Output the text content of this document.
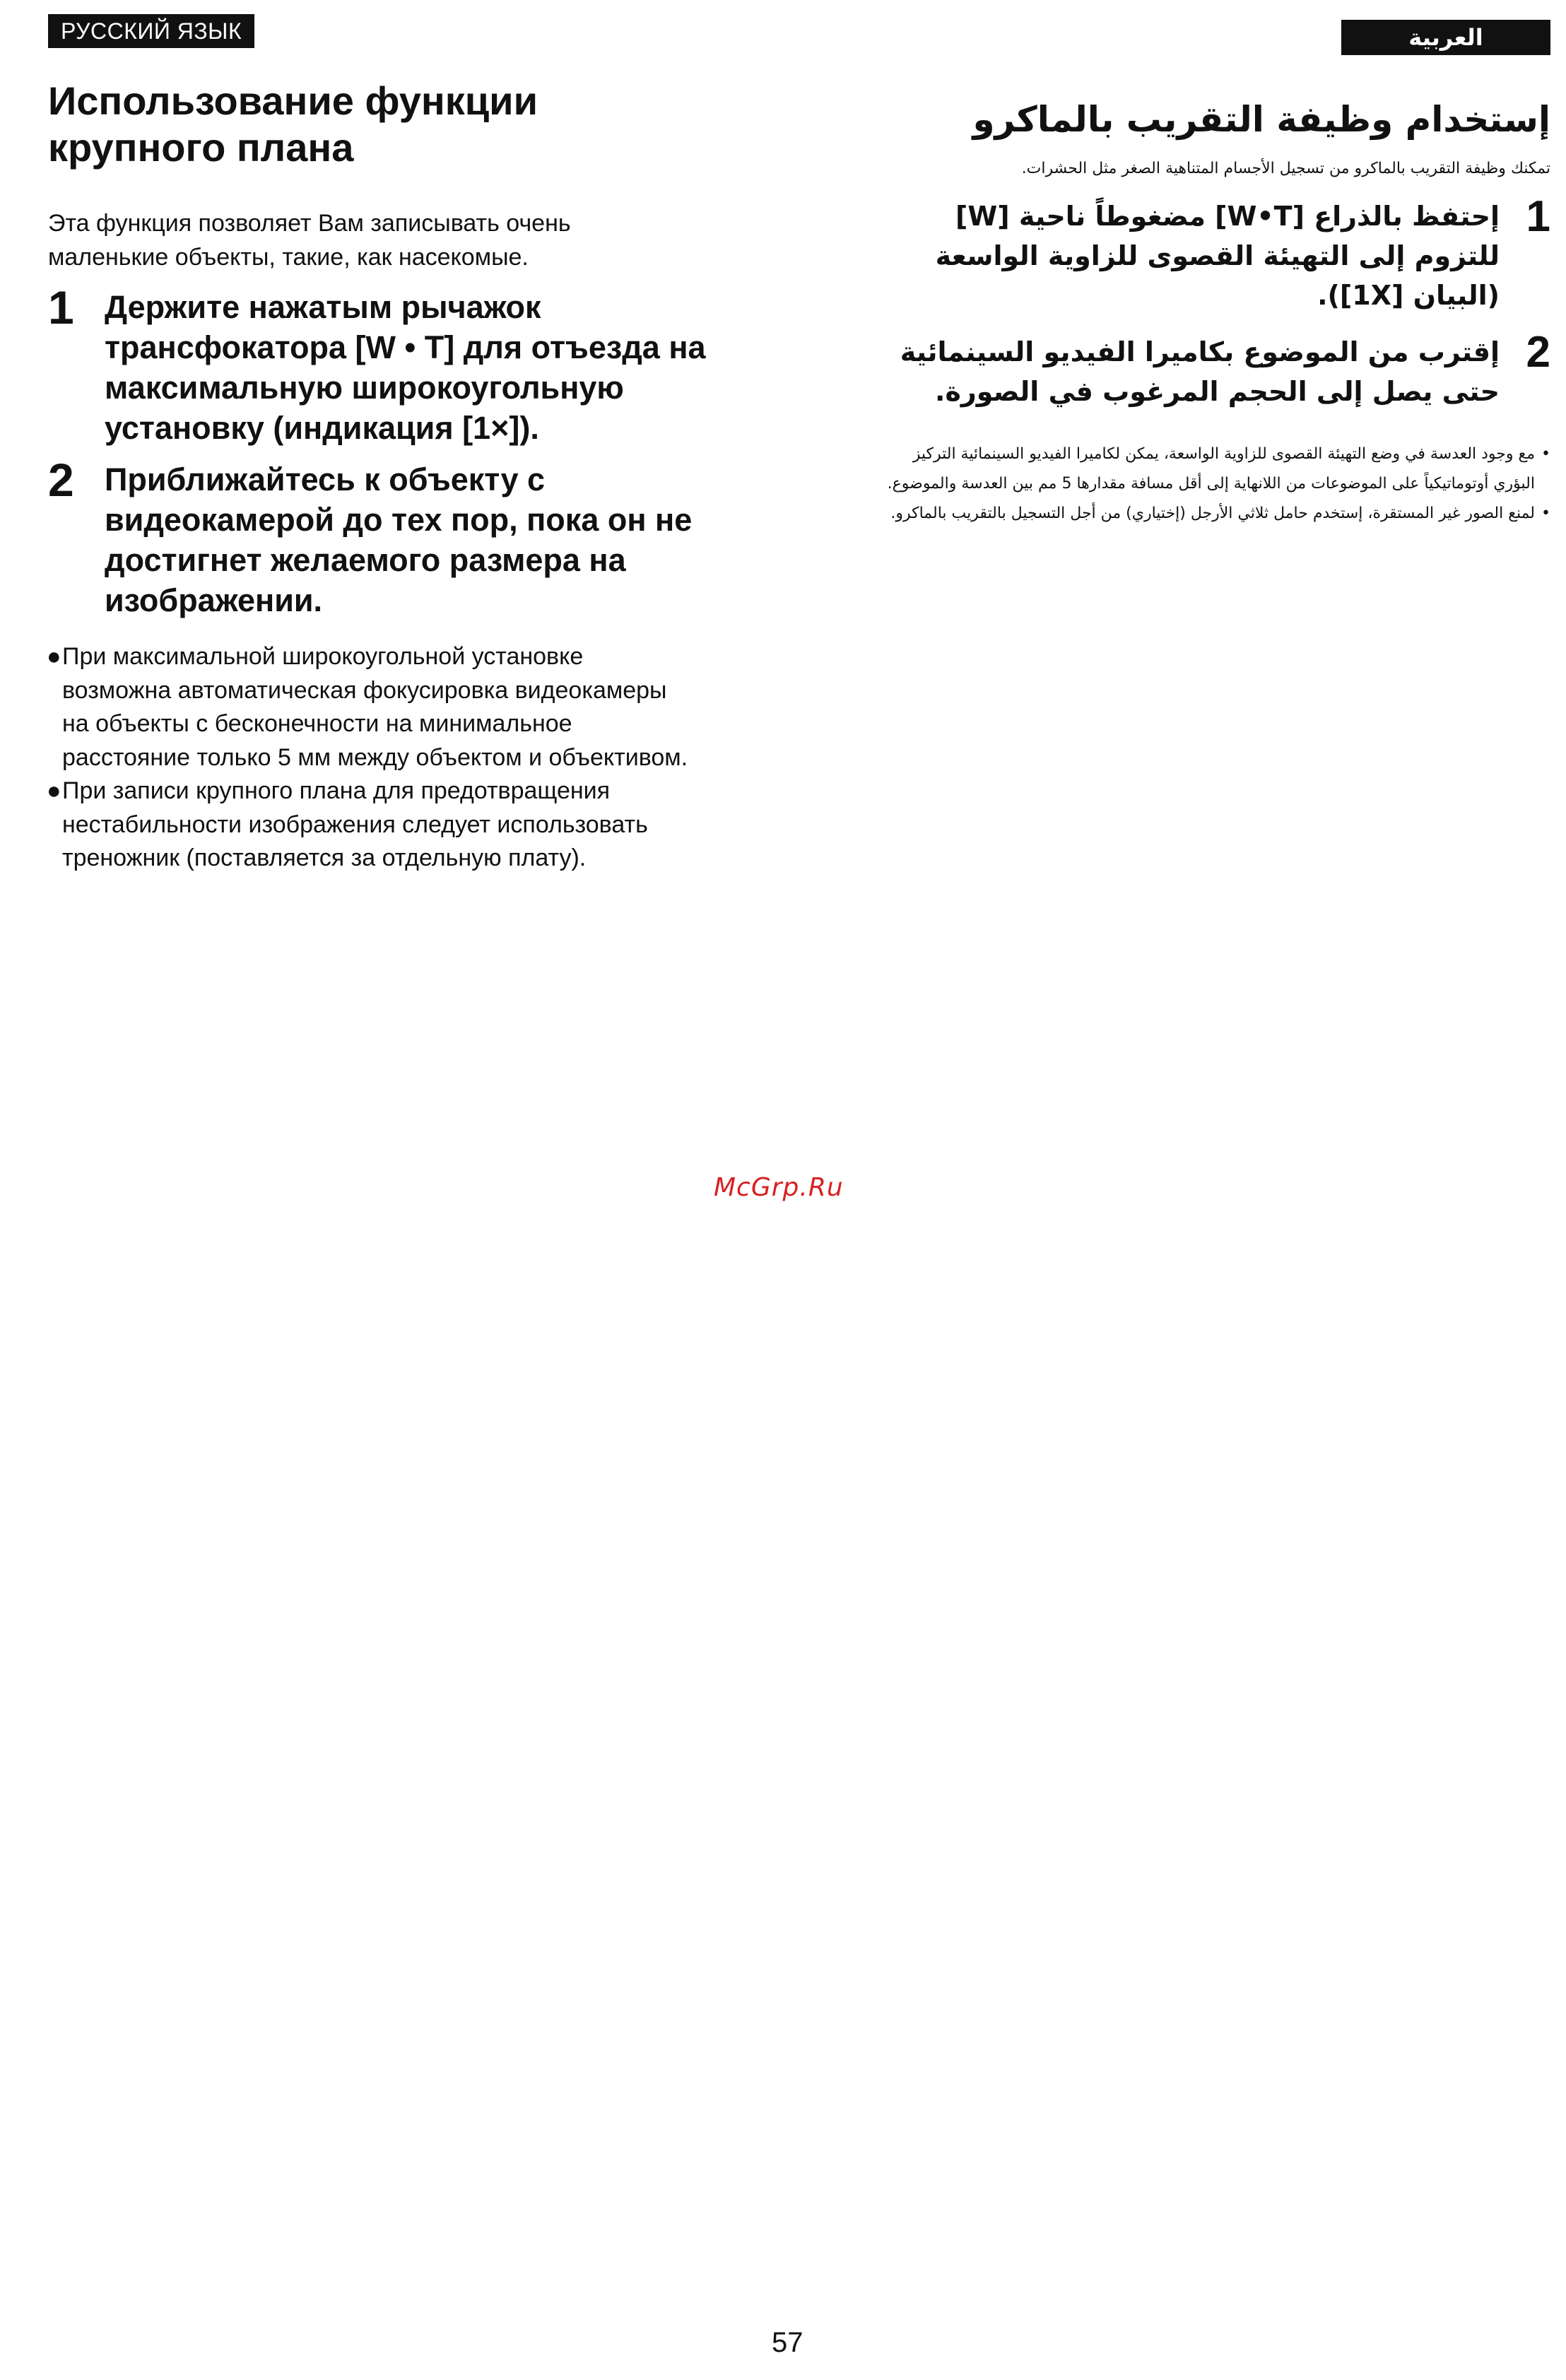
РУССКИЙ ЯЗЫК
Использование функции
крупного плана

Эта функция позволяет Вам записывать очень маленькие объекты, такие, как насекомые.

1 Держите нажатым рычажок трансфокатора [W • T] для отъезда на максимальную широкоугольную установку (индикация [1×]).
2 Приближайтесь к объекту с видеокамерой до тех пор, пока он не достигнет желаемого размера на изображении.
● При максимальной широкоугольной установке возможна автоматическая фокусировка видеокамеры на объекты с бесконечности на минимальное расстояние только 5 мм между объектом и объективом.
● При записи крупного плана для предотвращения нестабильности изображения следует использовать треножник (поставляется за отдельную плату).
العربية
إستخدام وظيفة التقريب بالماكرو

تمكنك وظيفة التقريب بالماكرو من تسجيل الأجسام المتناهية الصغر مثل الحشرات.

1
إحتفظ بالذراع [W•T] مضغوطاً ناحية [W] للتزوم إلى التهيئة القصوى للزاوية الواسعة (البيان [1X]).
2
إقترب من الموضوع بكاميرا الفيديو السينمائية حتى يصل إلى الحجم المرغوب في الصورة.
•
مع وجود العدسة في وضع التهيئة القصوى للزاوية الواسعة، يمكن لكاميرا الفيديو السينمائية التركيز البؤري أوتوماتيكياً على الموضوعات من اللانهاية إلى أقل مسافة مقدارها 5 مم بين العدسة والموضوع.
•
لمنع الصور غير المستقرة، إستخدم حامل ثلاثي الأرجل (إختياري) من أجل التسجيل بالتقريب بالماكرو.
McGrp.Ru
57
